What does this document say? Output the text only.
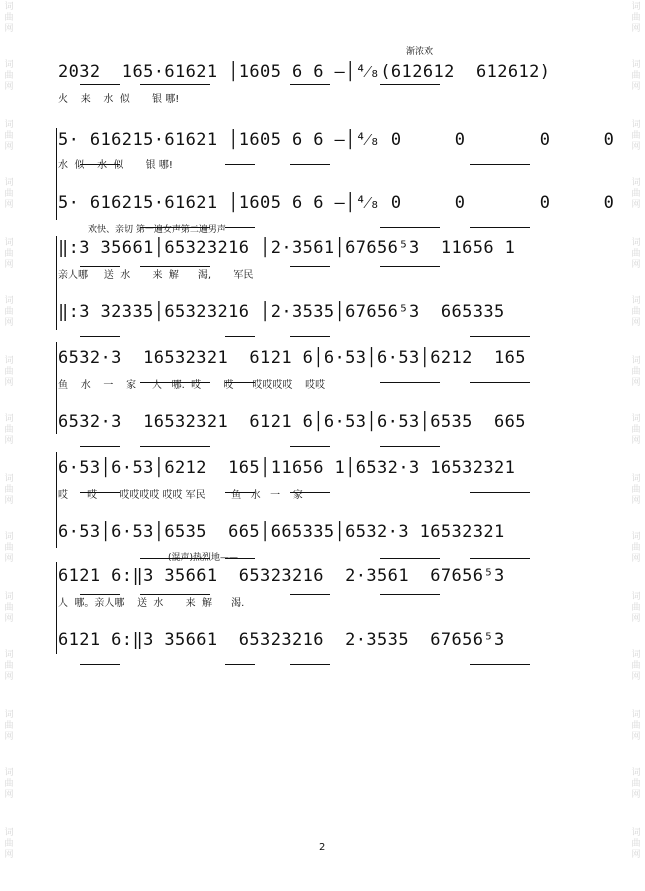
词
曲
网
词
曲
网
词
曲
网
词
曲
网
词
曲
网
词
曲
网
词
曲
网
词
曲
网
词
曲
网
词
曲
网
词
曲
网
词
曲
网
词
曲
网
词
曲
网
词
曲
网
词
曲
网
词
曲
网
词
曲
网
词
曲
网
词
曲
网
词
曲
网
词
曲
网
词
曲
网
词
曲
网
词
曲
网
词
曲
网
词
曲
网
词
曲
网
词
曲
网
词
曲
网
渐浓欢
2032  165·61621 │1605 6 6 —│⁴⁄₈(612612  612612)
火    来    水  似       银 哪!
5· 616215·61621 │1605 6 6 —│⁴⁄₈ 0     0       0     0
水  似    水  似       银 哪!
5· 616215·61621 │1605 6 6 —│⁴⁄₈ 0     0       0     0
欢快、亲切 第一遍女声第二遍男声
‖:3 35661│65323216 │2·3561│67656⁵3  11656 1
亲人哪     送  水       来  解      渴,       军民
‖:3 32335│65323216 │2·3535│67656⁵3  665335
6532·3  16532321  6121 6│6·53│6·53│6212  165
鱼    水    一    家     人   哪.  哎       哎      哎哎哎哎    哎哎
6532·3  16532321  6121 6│6·53│6·53│6535  665
6·53│6·53│6212  165│11656 1│6532·3 16532321
哎      哎       哎哎哎哎 哎哎 军民        鱼   水   一    家
6·53│6·53│6535  665│665335│6532·3 16532321
(混声)热烈地——
6121 6:‖3 35661  65323216  2·3561  67656⁵3
人  哪。亲人哪    送  水       来  解      渴.
6121 6:‖3 35661  65323216  2·3535  67656⁵3
2
